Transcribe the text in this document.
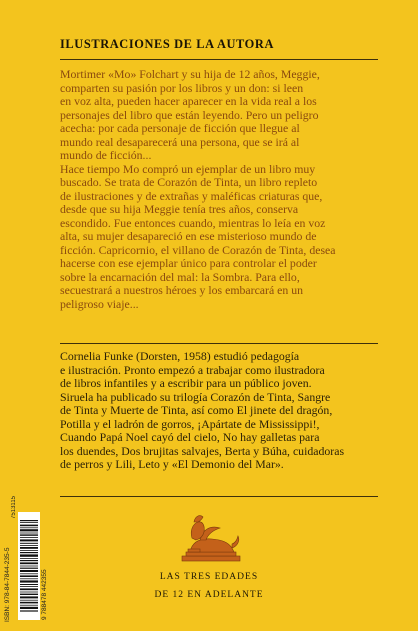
ILUSTRACIONES DE LA AUTORA
Mortimer «Mo» Folchart y su hija de 12 años, Meggie,
comparten su pasión por los libros y un don: si leen
en voz alta, pueden hacer aparecer en la vida real a los
personajes del libro que están leyendo. Pero un peligro
acecha: por cada personaje de ficción que llegue al
mundo real desaparecerá una persona, que se irá al
mundo de ficción...
Hace tiempo Mo compró un ejemplar de un libro muy
buscado. Se trata de Corazón de Tinta, un libro repleto
de ilustraciones y de extrañas y maléficas criaturas que,
desde que su hija Meggie tenía tres años, conserva
escondido. Fue entonces cuando, mientras lo leía en voz
alta, su mujer desapareció en ese misterioso mundo de
ficción. Capricornio, el villano de Corazón de Tinta, desea
hacerse con ese ejemplar único para controlar el poder
sobre la encarnación del mal: la Sombra. Para ello,
secuestrará a nuestros héroes y los embarcará en un
peligroso viaje...
Cornelia Funke (Dorsten, 1958) estudió pedagogía
e ilustración. Pronto empezó a trabajar como ilustradora
de libros infantiles y a escribir para un público joven.
Siruela ha publicado su trilogía Corazón de Tinta, Sangre
de Tinta y Muerte de Tinta, así como El jinete del dragón,
Potilla y el ladrón de gorros, ¡Apártate de Mississippi!,
Cuando Papá Noel cayó del cielo, No hay galletas para
los duendes, Dos brujitas salvajes, Berta y Búha, cuidadoras
de perros y Lili, Leto y «El Demonio del Mar».
7513115
ISBN: 978-84-7844-235-5	9 788478 442355	LAS TRES EDADES
DE 12 EN ADELANTE
